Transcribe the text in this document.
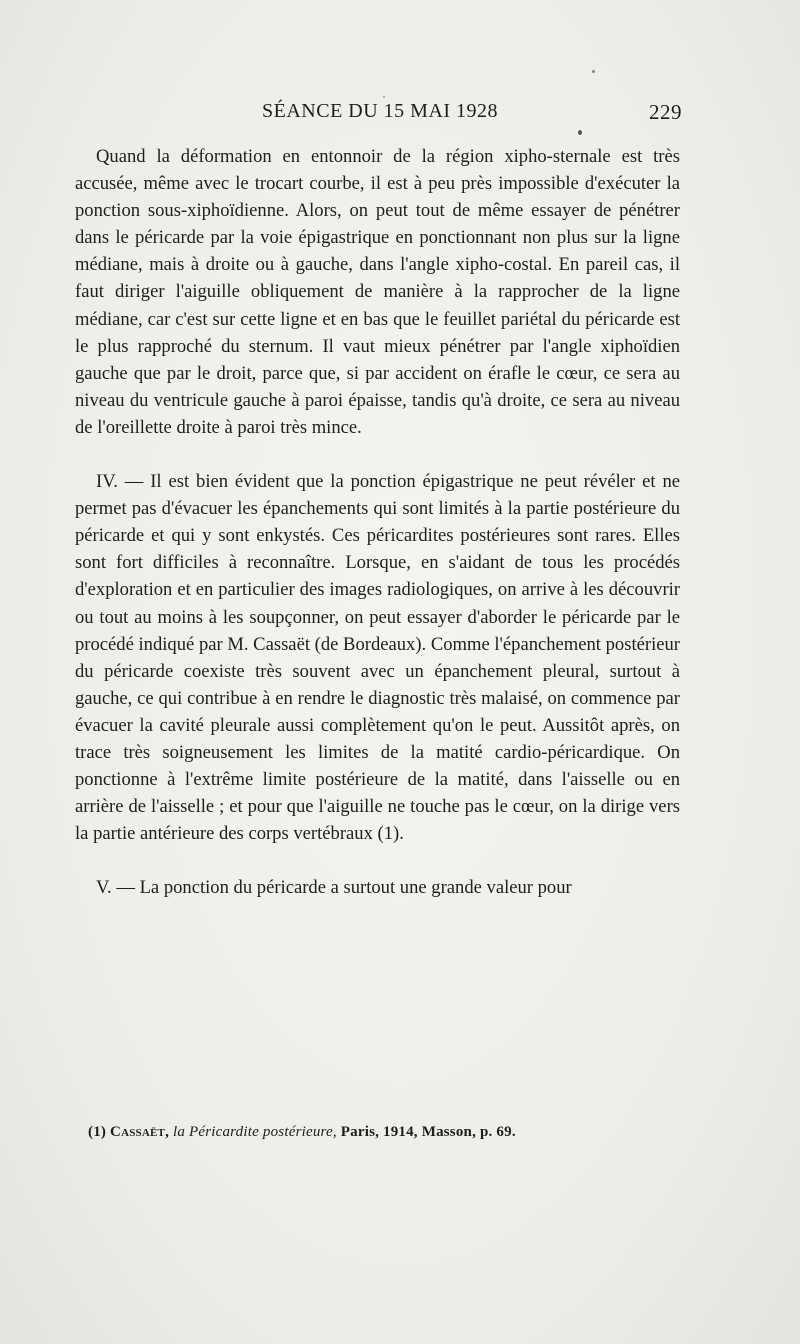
SÉANCE DU 15 MAI 1928	229

Quand la déformation en entonnoir de la région xipho-sternale est très accusée, même avec le trocart courbe, il est à peu près impossible d'exécuter la ponction sous-xiphoïdienne. Alors, on peut tout de même essayer de pénétrer dans le péricarde par la voie épigastrique en ponctionnant non plus sur la ligne médiane, mais à droite ou à gauche, dans l'angle xipho-costal. En pareil cas, il faut diriger l'aiguille obliquement de manière à la rapprocher de la ligne médiane, car c'est sur cette ligne et en bas que le feuillet pariétal du péricarde est le plus rapproché du sternum. Il vaut mieux pénétrer par l'angle xiphoïdien gauche que par le droit, parce que, si par accident on érafle le cœur, ce sera au niveau du ventricule gauche à paroi épaisse, tandis qu'à droite, ce sera au niveau de l'oreillette droite à paroi très mince.

IV. — Il est bien évident que la ponction épigastrique ne peut révéler et ne permet pas d'évacuer les épanchements qui sont limités à la partie postérieure du péricarde et qui y sont enkystés. Ces péricardites postérieures sont rares. Elles sont fort difficiles à reconnaître. Lorsque, en s'aidant de tous les procédés d'exploration et en particulier des images radiologiques, on arrive à les découvrir ou tout au moins à les soupçonner, on peut essayer d'aborder le péricarde par le procédé indiqué par M. Cassaët (de Bordeaux). Comme l'épanchement postérieur du péricarde coexiste très souvent avec un épanchement pleural, surtout à gauche, ce qui contribue à en rendre le diagnostic très malaisé, on commence par évacuer la cavité pleurale aussi complètement qu'on le peut. Aussitôt après, on trace très soigneusement les limites de la matité cardio-péricardique. On ponctionne à l'extrême limite postérieure de la matité, dans l'aisselle ou en arrière de l'aisselle ; et pour que l'aiguille ne touche pas le cœur, on la dirige vers la partie antérieure des corps vertébraux (1).

V. — La ponction du péricarde a surtout une grande valeur pour

(1) Cassaët, la Péricardite postérieure, Paris, 1914, Masson, p. 69.
